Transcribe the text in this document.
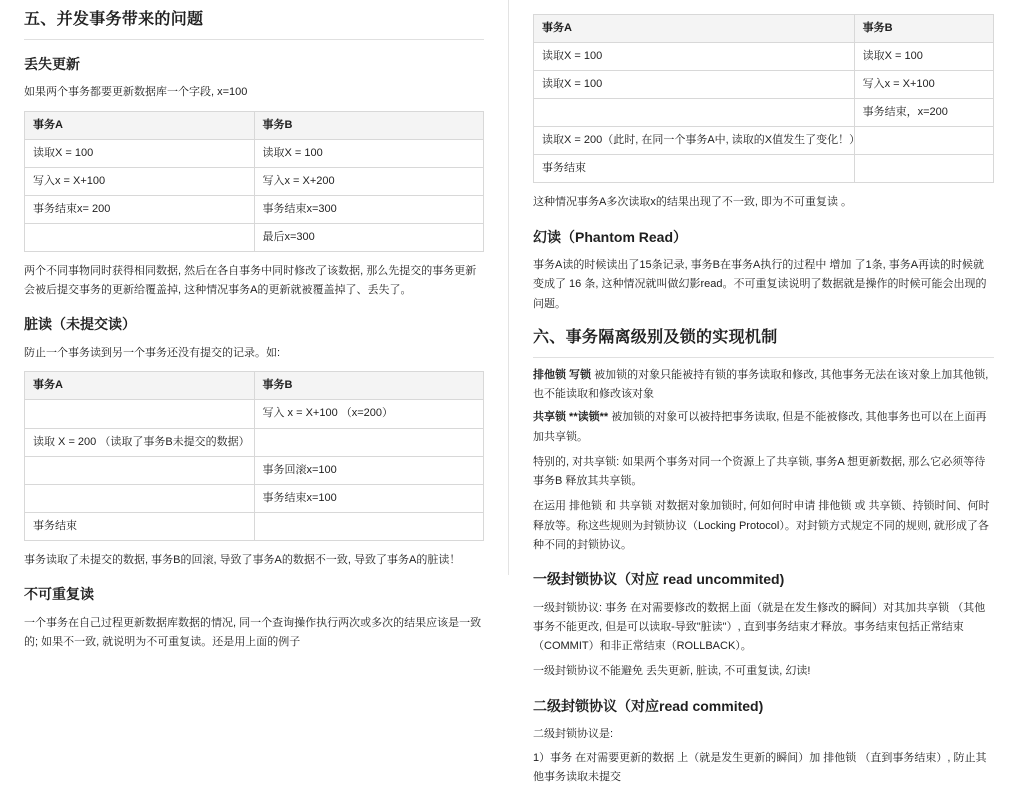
五、并发事务带来的问题
丢失更新

如果两个事务都要更新数据库一个字段, x=100

事务A	事务B
读取X = 100	读取X = 100
写入x = X+100	写入x = X+200
事务结束x= 200	事务结束x=300
	最后x=300

两个不同事物同时获得相同数据, 然后在各自事务中同时修改了该数据, 那么先提交的事务更新会被后提交事务的更新给覆盖掉, 这种情况事务A的更新就被覆盖掉了、丢失了。

脏读（未提交读）

防止一个事务读到另一个事务还没有提交的记录。如:

事务A	事务B
	写入 x = X+100 （x=200）
读取 X = 200 （读取了事务B未提交的数据）	
	事务回滚x=100
	事务结束x=100
事务结束	

事务读取了未提交的数据, 事务B的回滚, 导致了事务A的数据不一致, 导致了事务A的脏读！

不可重复读

一个事务在自己过程更新数据库数据的情况, 同一个查询操作执行两次或多次的结果应该是一致的; 如果不一致, 就说明为不可重复读。还是用上面的例子

事务A	事务B
读取X = 100	读取X = 100
读取X = 100	写入x = X+100
	事务结束，x=200
读取X = 200（此时, 在同一个事务A中, 读取的X值发生了变化！）	
事务结束	

这种情况事务A多次读取x的结果出现了不一致, 即为不可重复读 。

幻读（Phantom Read）

事务A读的时候读出了15条记录, 事务B在事务A执行的过程中 增加 了1条, 事务A再读的时候就变成了 16 条, 这种情况就叫做幻影read。不可重复读说明了数据就是操作的时候可能会出现的问题。

六、事务隔离级别及锁的实现机制

排他锁 写锁 被加锁的对象只能被持有锁的事务读取和修改, 其他事务无法在该对象上加其他锁, 也不能读取和修改该对象

共享锁 **读锁** 被加锁的对象可以被持把事务读取, 但是不能被修改, 其他事务也可以在上面再加共享锁。

特别的, 对共享锁: 如果两个事务对同一个资源上了共享锁, 事务A 想更新数据, 那么它必须等待 事务B 释放其共享锁。

在运用 排他锁 和 共享锁 对数据对象加锁时, 何如何时申请 排他锁 或 共享锁、持锁时间、何时释放等。称这些规则为封锁协议（Locking Protocol）。对封锁方式规定不同的规则, 就形成了各种不同的封锁协议。

一级封锁协议（对应 read uncommited)

一级封锁协议: 事务 在对需要修改的数据上面（就是在发生修改的瞬间）对其加共享锁 （其他事务不能更改, 但是可以读取-导致"脏读"）, 直到事务结束才释放。事务结束包括正常结束（COMMIT）和非正常结束（ROLLBACK）。

一级封锁协议不能避免 丢失更新, 脏读, 不可重复读, 幻读!

二级封锁协议（对应read commited)

二级封锁协议是:

1）事务 在对需要更新的数据 上（就是发生更新的瞬间）加 排他锁 （直到事务结束）, 防止其他事务读取未提交
